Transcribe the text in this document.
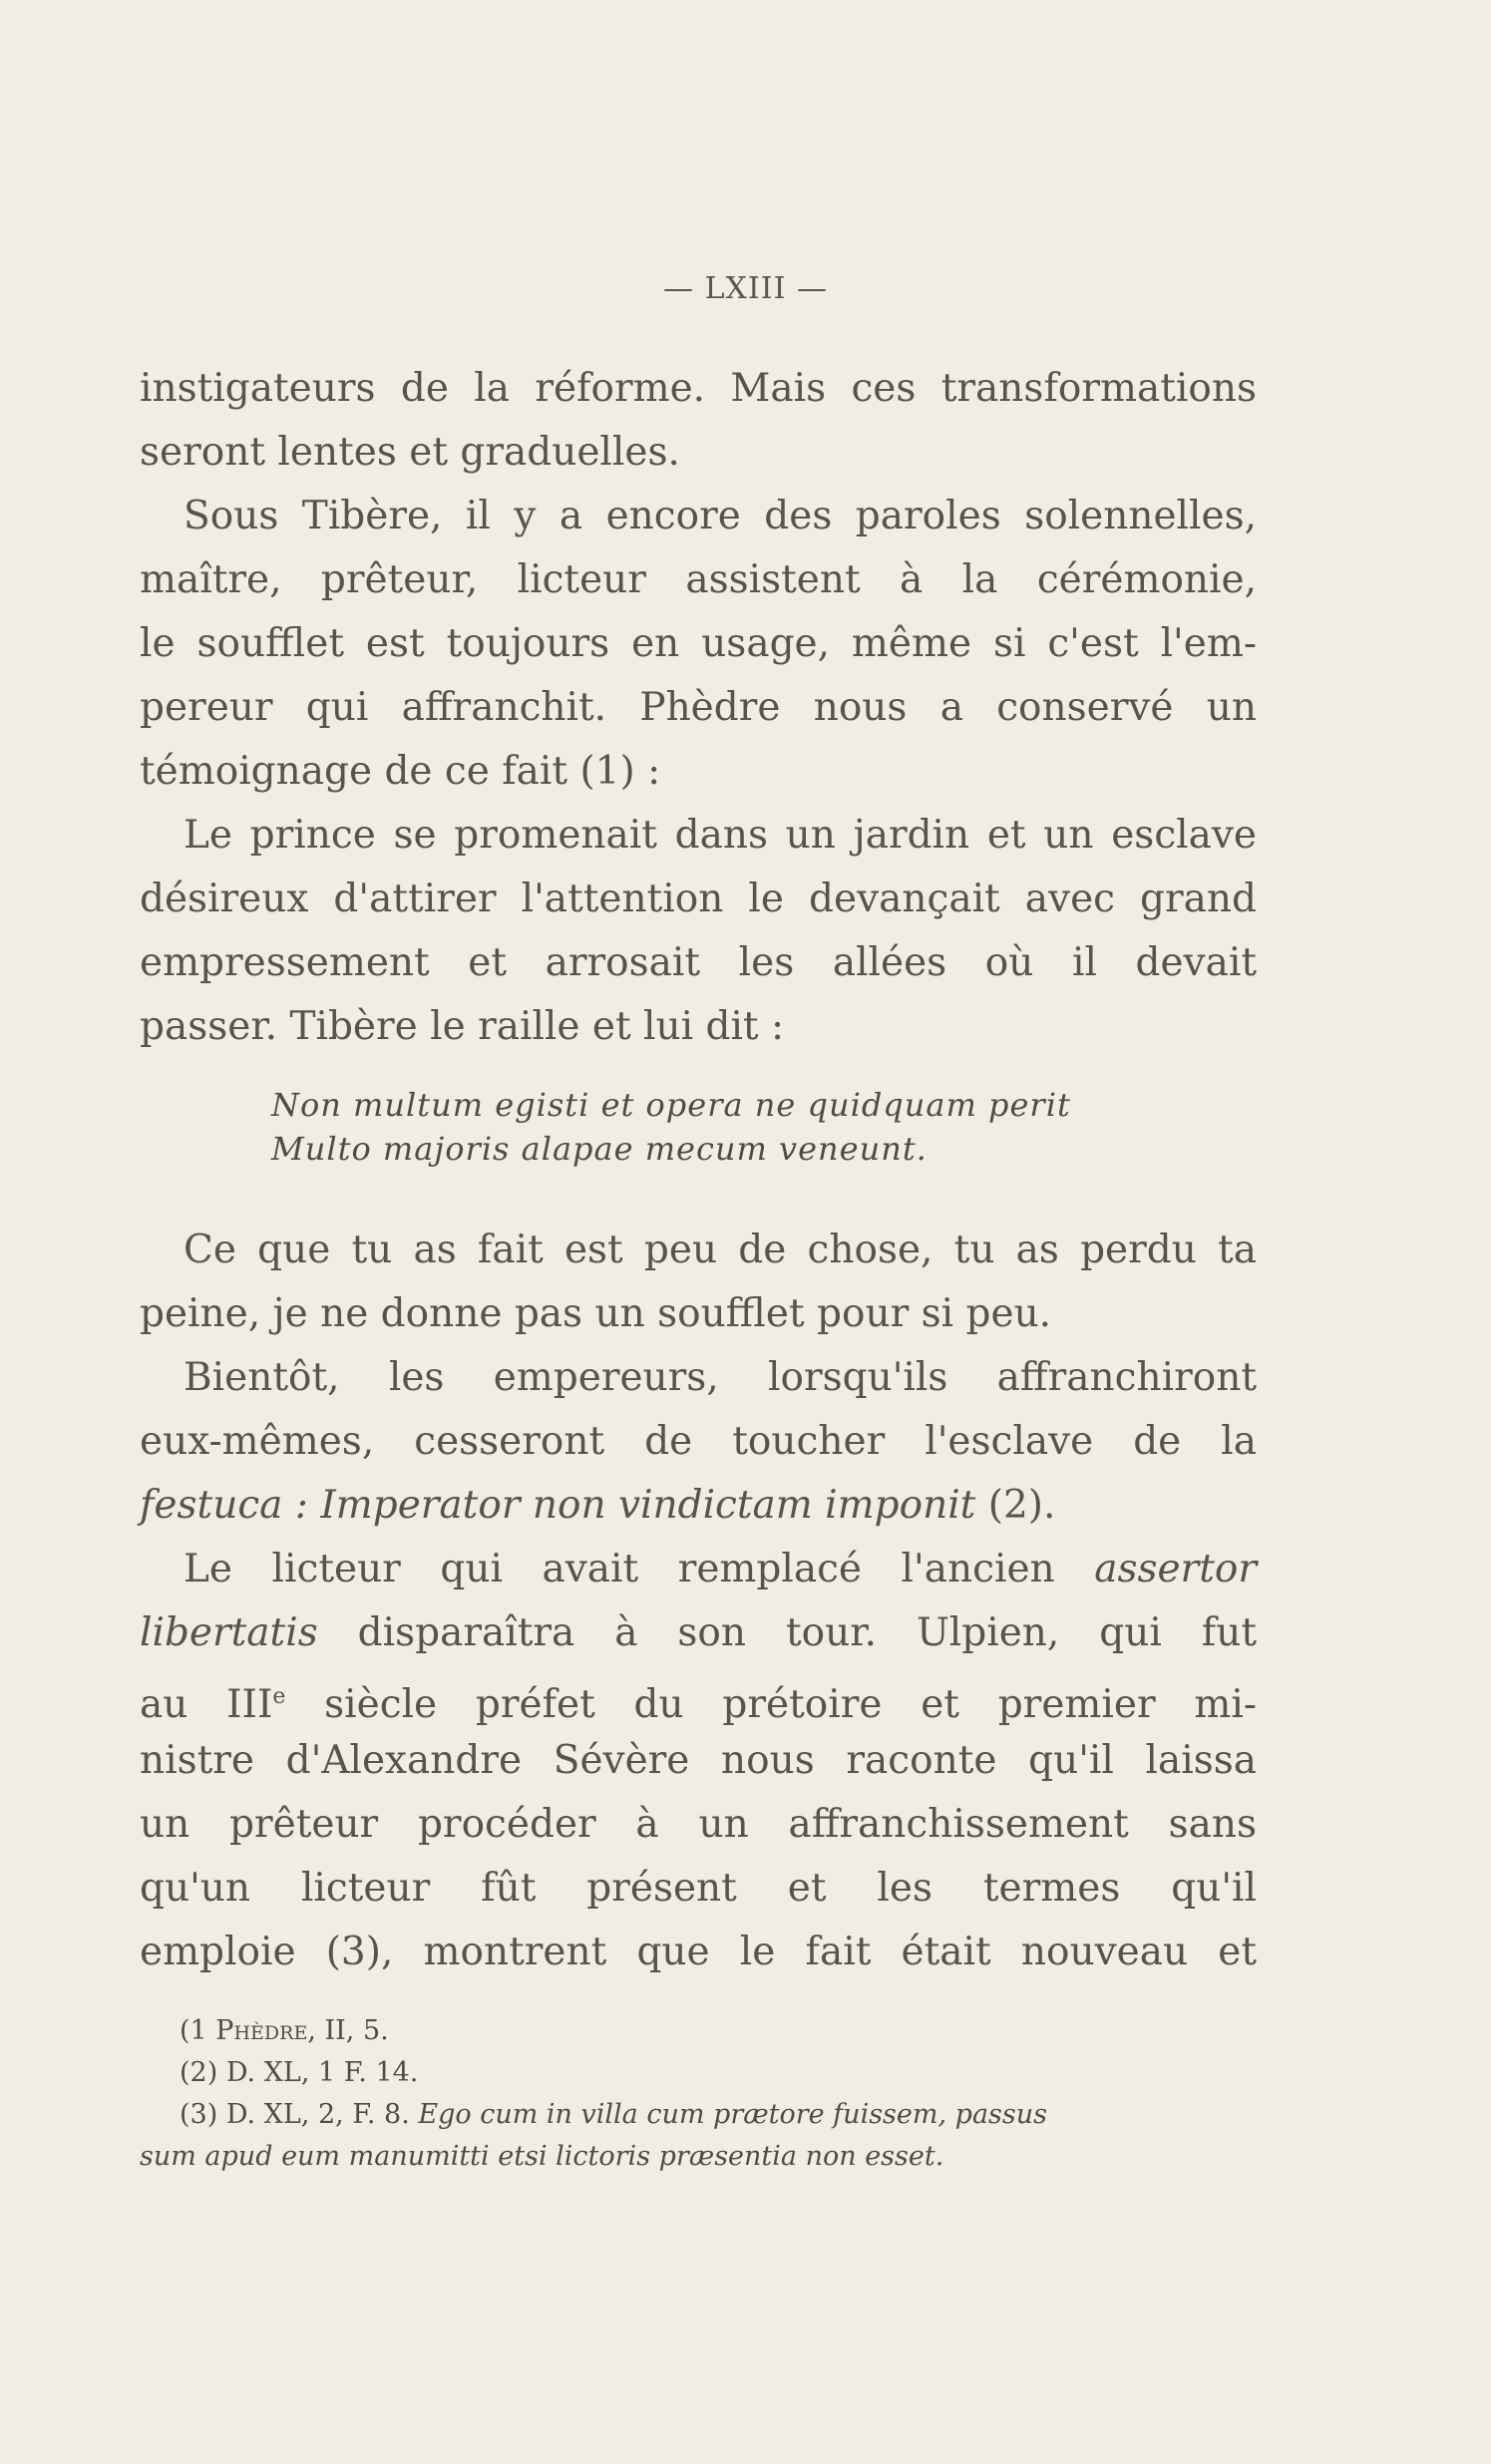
— LXIII —
instigateurs de la réforme. Mais ces transformations
seront lentes et graduelles.
Sous Tibère, il y a encore des paroles solennelles,
maître, prêteur, licteur assistent à la cérémonie,
le soufflet est toujours en usage, même si c'est l'em-
pereur qui affranchit. Phèdre nous a conservé un
témoignage de ce fait (1) :
Le prince se promenait dans un jardin et un esclave
désireux d'attirer l'attention le devançait avec grand
empressement et arrosait les allées où il devait
passer. Tibère le raille et lui dit :
Non multum egisti et opera ne quidquam perit
Multo majoris alapae mecum veneunt.
Ce que tu as fait est peu de chose, tu as perdu ta
peine, je ne donne pas un soufflet pour si peu.
Bientôt, les empereurs, lorsqu'ils affranchiront
eux-mêmes, cesseront de toucher l'esclave de la
festuca : Imperator non vindictam imponit (2).
Le licteur qui avait remplacé l'ancien assertor
libertatis disparaîtra à son tour. Ulpien, qui fut
au IIIe siècle préfet du prétoire et premier mi-
nistre d'Alexandre Sévère nous raconte qu'il laissa
un prêteur procéder à un affranchissement sans
qu'un licteur fût présent et les termes qu'il
emploie (3), montrent que le fait était nouveau et
(1 Phèdre, II, 5.
(2) D. XL, 1 F. 14.
(3) D. XL, 2, F. 8. Ego cum in villa cum prætore fuissem, passus
sum apud eum manumitti etsi lictoris præsentia non esset.
